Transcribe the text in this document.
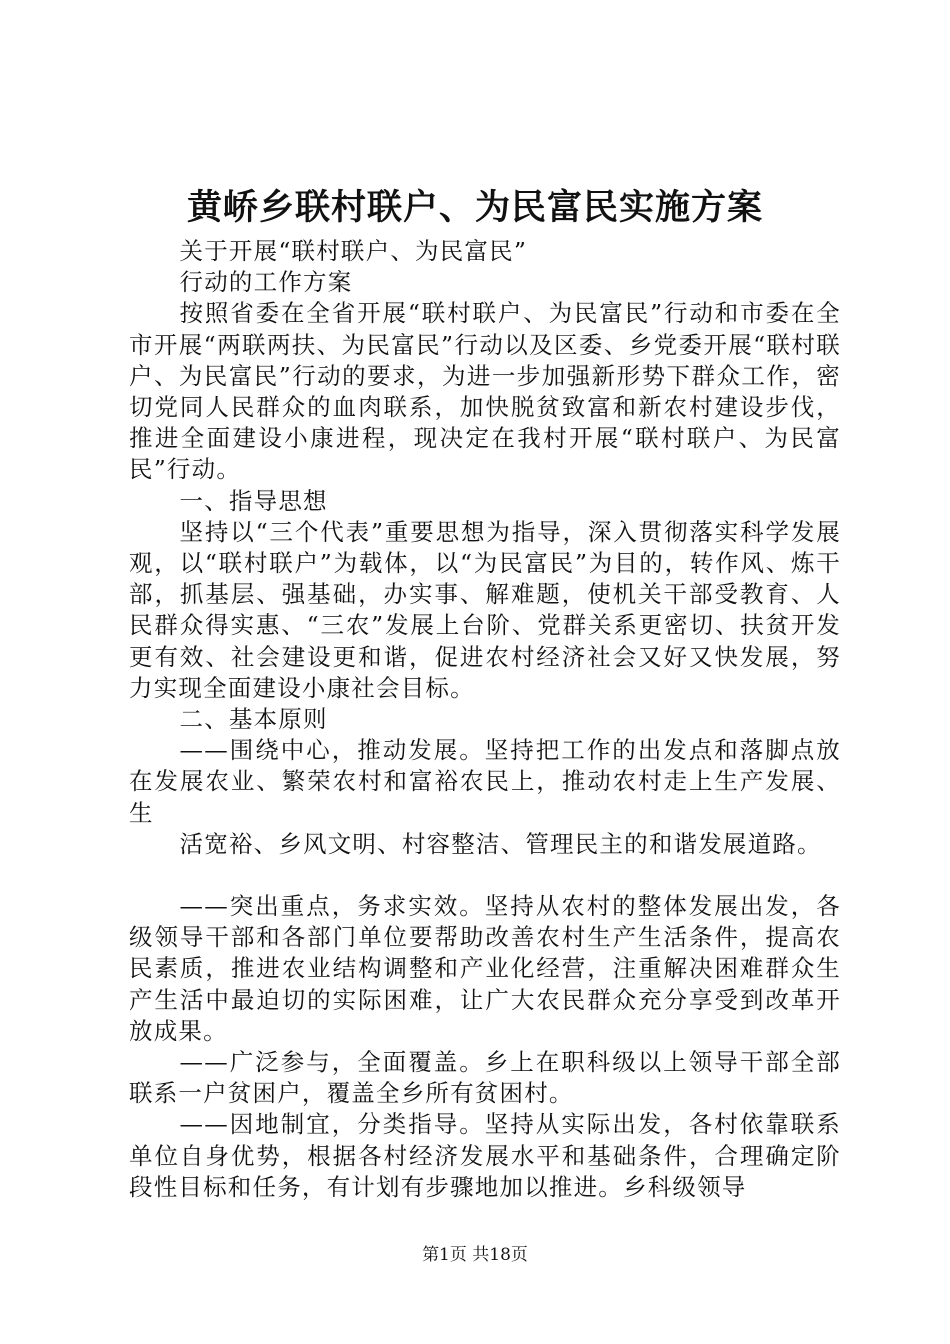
黄峤乡联村联户、为民富民实施方案

关于开展“联村联户、为民富民”

行动的工作方案

按照省委在全省开展“联村联户、为民富民”行动和市委在全市开展“两联两扶、为民富民”行动以及区委、乡党委开展“联村联户、为民富民”行动的要求，为进一步加强新形势下群众工作，密切党同人民群众的血肉联系，加快脱贫致富和新农村建设步伐，推进全面建设小康进程，现决定在我村开展“联村联户、为民富民”行动。

一、指导思想

坚持以“三个代表”重要思想为指导，深入贯彻落实科学发展观，以“联村联户”为载体，以“为民富民”为目的，转作风、炼干部，抓基层、强基础，办实事、解难题，使机关干部受教育、人民群众得实惠、“三农”发展上台阶、党群关系更密切、扶贫开发更有效、社会建设更和谐，促进农村经济社会又好又快发展，努力实现全面建设小康社会目标。

二、基本原则

——围绕中心，推动发展。坚持把工作的出发点和落脚点放在发展农业、繁荣农村和富裕农民上，推动农村走上生产发展、生

活宽裕、乡风文明、村容整洁、管理民主的和谐发展道路。

——突出重点，务求实效。坚持从农村的整体发展出发，各级领导干部和各部门单位要帮助改善农村生产生活条件，提高农民素质，推进农业结构调整和产业化经营，注重解决困难群众生产生活中最迫切的实际困难，让广大农民群众充分享受到改革开放成果。

——广泛参与，全面覆盖。乡上在职科级以上领导干部全部联系一户贫困户，覆盖全乡所有贫困村。

——因地制宜，分类指导。坚持从实际出发，各村依靠联系单位自身优势，根据各村经济发展水平和基础条件，合理确定阶段性目标和任务，有计划有步骤地加以推进。乡科级领导

第1页 共18页
